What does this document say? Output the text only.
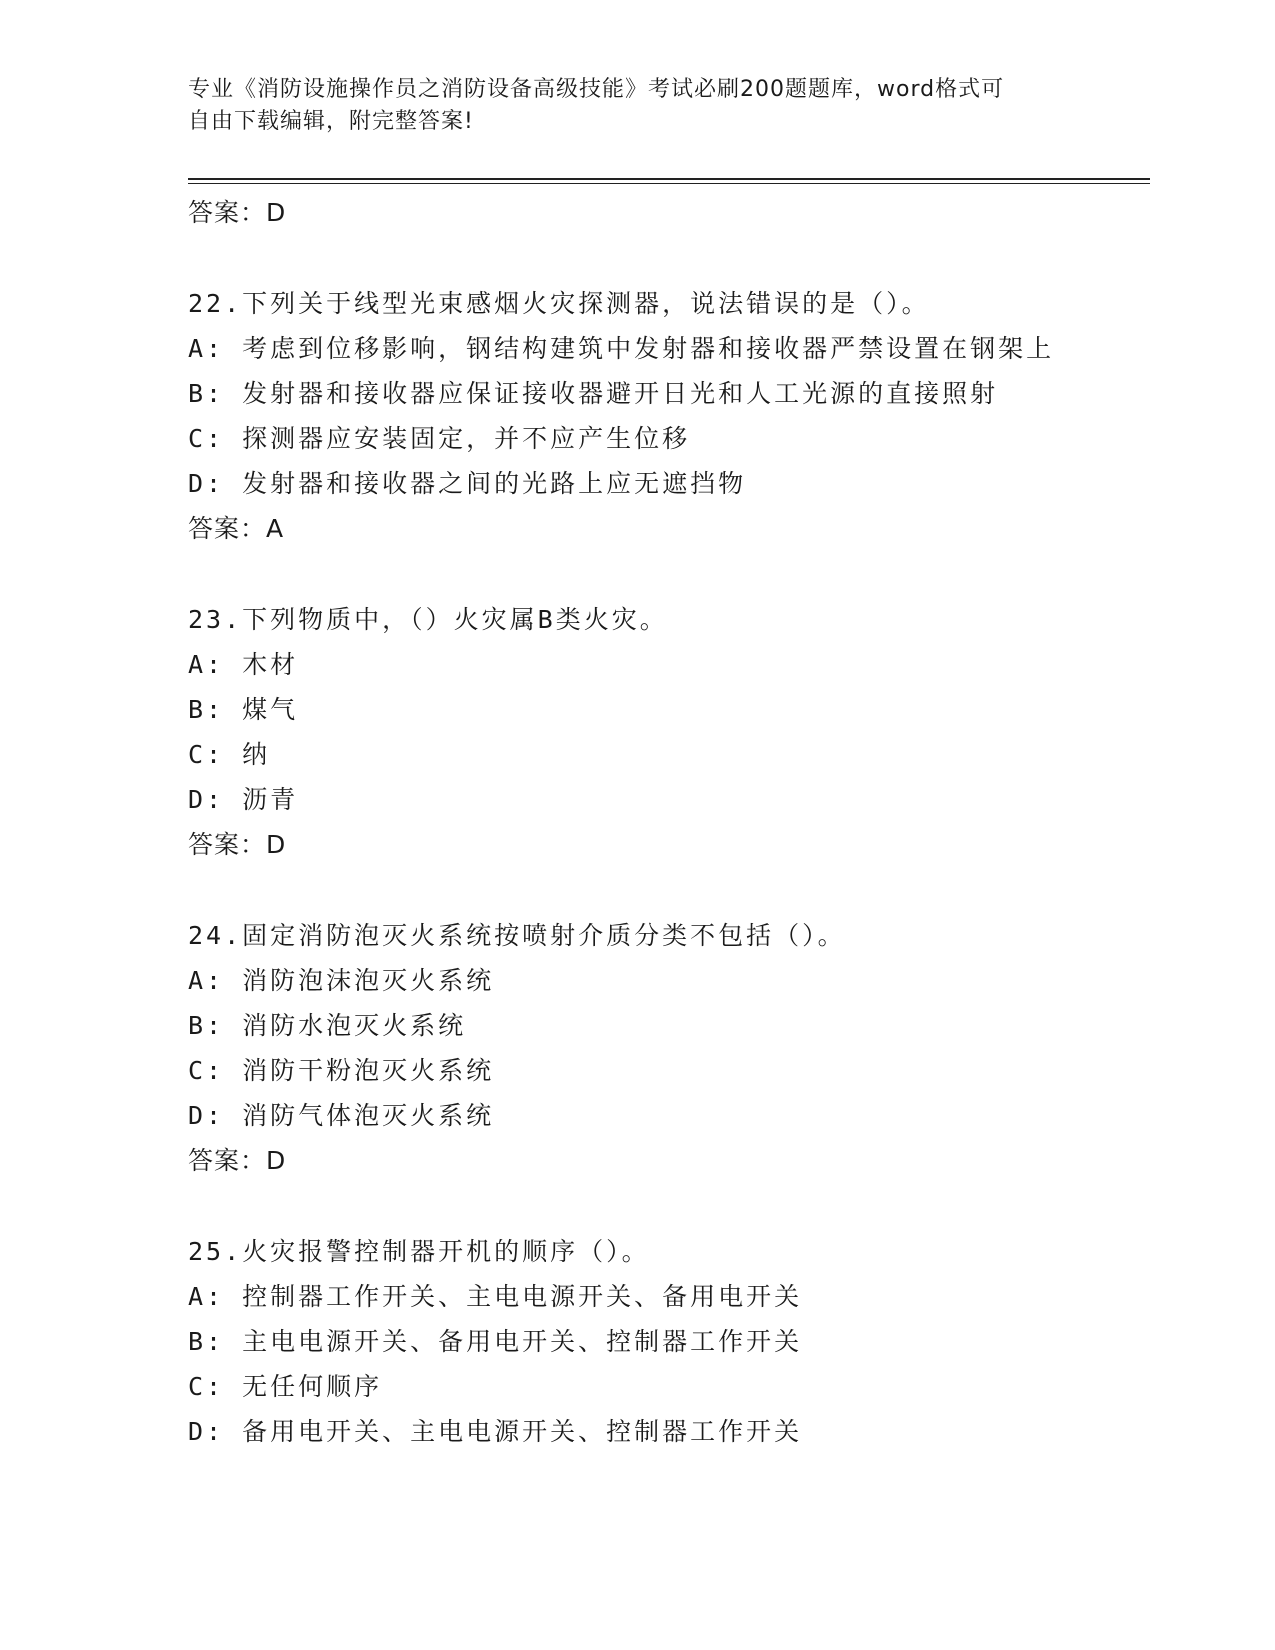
专业《消防设施操作员之消防设备高级技能》考试必刷200题题库，word格式可
自由下载编辑，附完整答案!
答案：D
22.下列关于线型光束感烟火灾探测器，说法错误的是（）。
A: 考虑到位移影响，钢结构建筑中发射器和接收器严禁设置在钢架上
B: 发射器和接收器应保证接收器避开日光和人工光源的直接照射
C: 探测器应安装固定，并不应产生位移
D: 发射器和接收器之间的光路上应无遮挡物
答案：A
23.下列物质中，（）火灾属B类火灾。
A: 木材
B: 煤气
C: 纳
D: 沥青
答案：D
24.固定消防泡灭火系统按喷射介质分类不包括（）。
A: 消防泡沫泡灭火系统
B: 消防水泡灭火系统
C: 消防干粉泡灭火系统
D: 消防气体泡灭火系统
答案：D
25.火灾报警控制器开机的顺序（）。
A: 控制器工作开关、主电电源开关、备用电开关
B: 主电电源开关、备用电开关、控制器工作开关
C: 无任何顺序
D: 备用电开关、主电电源开关、控制器工作开关
